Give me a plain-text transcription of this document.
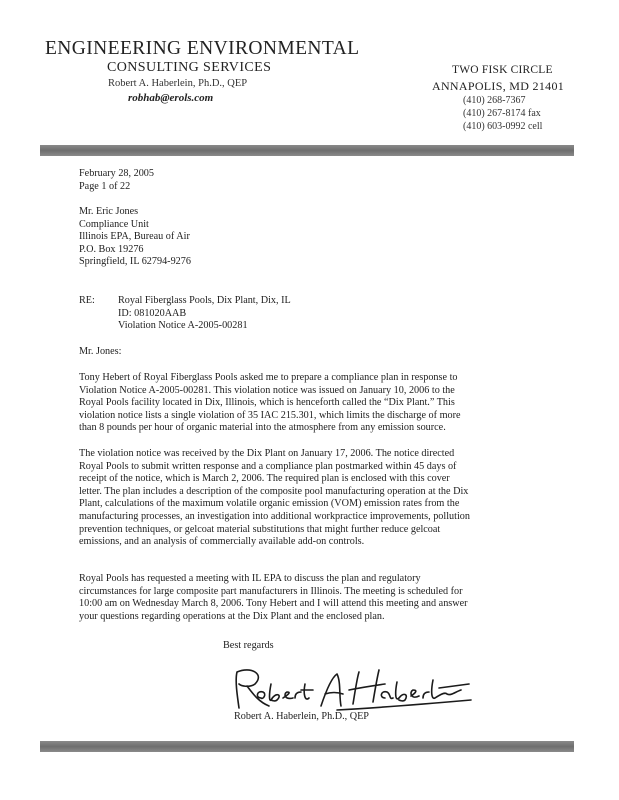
ENGINEERING ENVIRONMENTAL
CONSULTING SERVICES
Robert A. Haberlein, Ph.D., QEP
robhab@erols.com
TWO FISK CIRCLE
ANNAPOLIS, MD 21401
(410) 268-7367
(410) 267-8174 fax
(410) 603-0992 cell
February 28, 2005
Page 1 of 22
Mr. Eric Jones
Compliance Unit
Illinois EPA, Bureau of Air
P.O. Box 19276
Springfield, IL 62794-9276
RE: Royal Fiberglass Pools, Dix Plant, Dix, IL
ID: 081020AAB
Violation Notice A-2005-00281
Mr. Jones:
Tony Hebert of Royal Fiberglass Pools asked me to prepare a compliance plan in response to
Violation Notice A-2005-00281. This violation notice was issued on January 10, 2006 to the
Royal Pools facility located in Dix, Illinois, which is henceforth called the “Dix Plant.” This
violation notice lists a single violation of 35 IAC 215.301, which limits the discharge of more
than 8 pounds per hour of organic material into the atmosphere from any emission source.
The violation notice was received by the Dix Plant on January 17, 2006. The notice directed
Royal Pools to submit written response and a compliance plan postmarked within 45 days of
receipt of the notice, which is March 2, 2006. The required plan is enclosed with this cover
letter. The plan includes a description of the composite pool manufacturing operation at the Dix
Plant, calculations of the maximum volatile organic emission (VOM) emission rates from the
manufacturing processes, an investigation into additional workpractice improvements, pollution
prevention techniques, or gelcoat material substitutions that might further reduce gelcoat
emissions, and an analysis of commercially available add-on controls.
Royal Pools has requested a meeting with IL EPA to discuss the plan and regulatory
circumstances for large composite part manufacturers in Illinois. The meeting is scheduled for
10:00 am on Wednesday March 8, 2006. Tony Hebert and I will attend this meeting and answer
your questions regarding operations at the Dix Plant and the enclosed plan.
Best regards
Robert A. Haberlein, Ph.D., QEP
